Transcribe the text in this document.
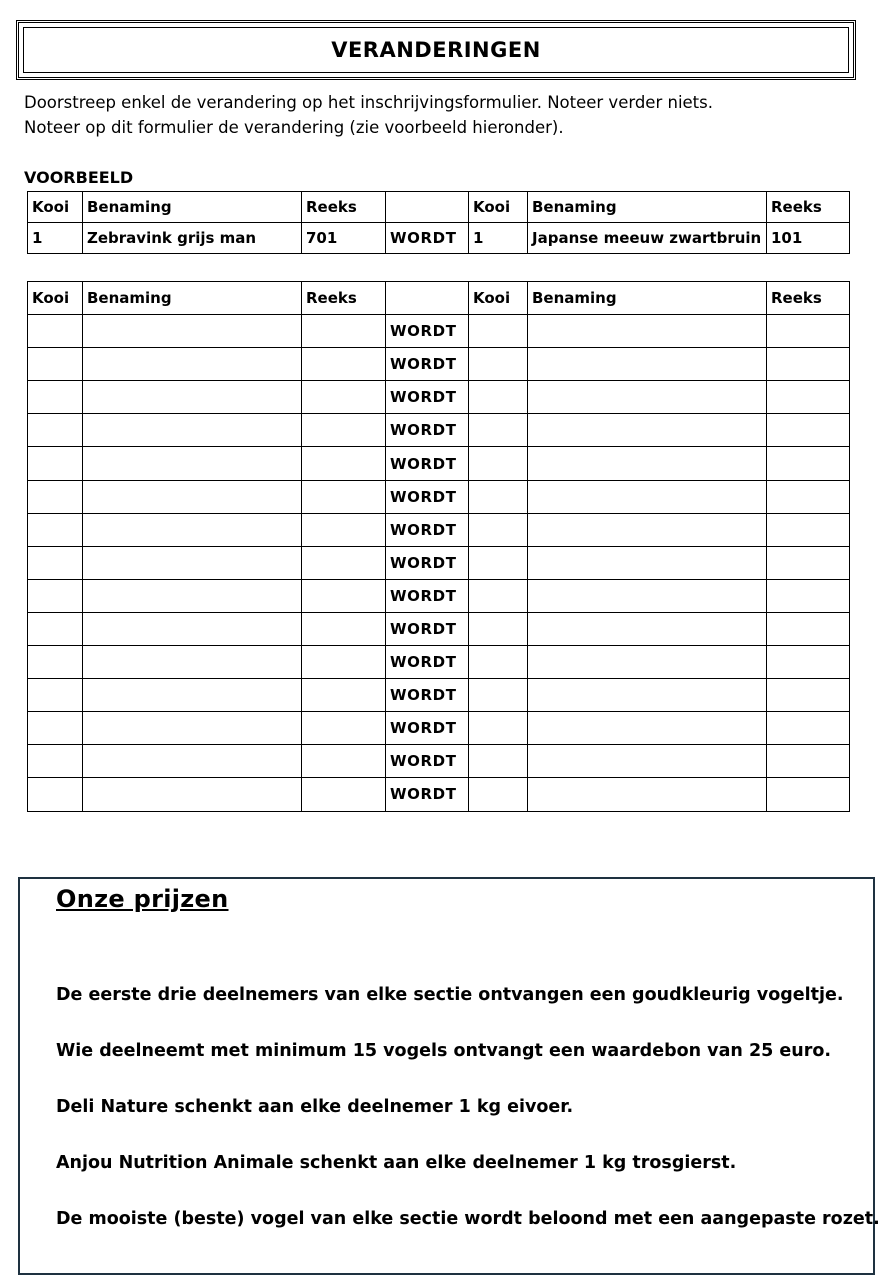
VERANDERINGEN
Doorstreep enkel de verandering op het inschrijvingsformulier. Noteer verder niets.
Noteer op dit formulier de verandering (zie voorbeeld hieronder).
VOORBEELD
Kooi	Benaming	Reeks		Kooi	Benaming	Reeks
1	Zebravink grijs man	701	WORDT	1	Japanse meeuw zwartbruin	101
Kooi	Benaming	Reeks		Kooi	Benaming	Reeks
			WORDT			
			WORDT			
			WORDT			
			WORDT			
			WORDT			
			WORDT			
			WORDT			
			WORDT			
			WORDT			
			WORDT			
			WORDT			
			WORDT			
			WORDT			
			WORDT			
			WORDT			
Onze prijzen
De eerste drie deelnemers van elke sectie ontvangen een goudkleurig vogeltje.
Wie deelneemt met minimum 15 vogels ontvangt een waardebon van 25 euro.
Deli Nature schenkt aan elke deelnemer 1 kg eivoer.
Anjou Nutrition Animale schenkt aan elke deelnemer 1 kg trosgierst.
De mooiste (beste) vogel van elke sectie wordt beloond met een aangepaste rozet.
